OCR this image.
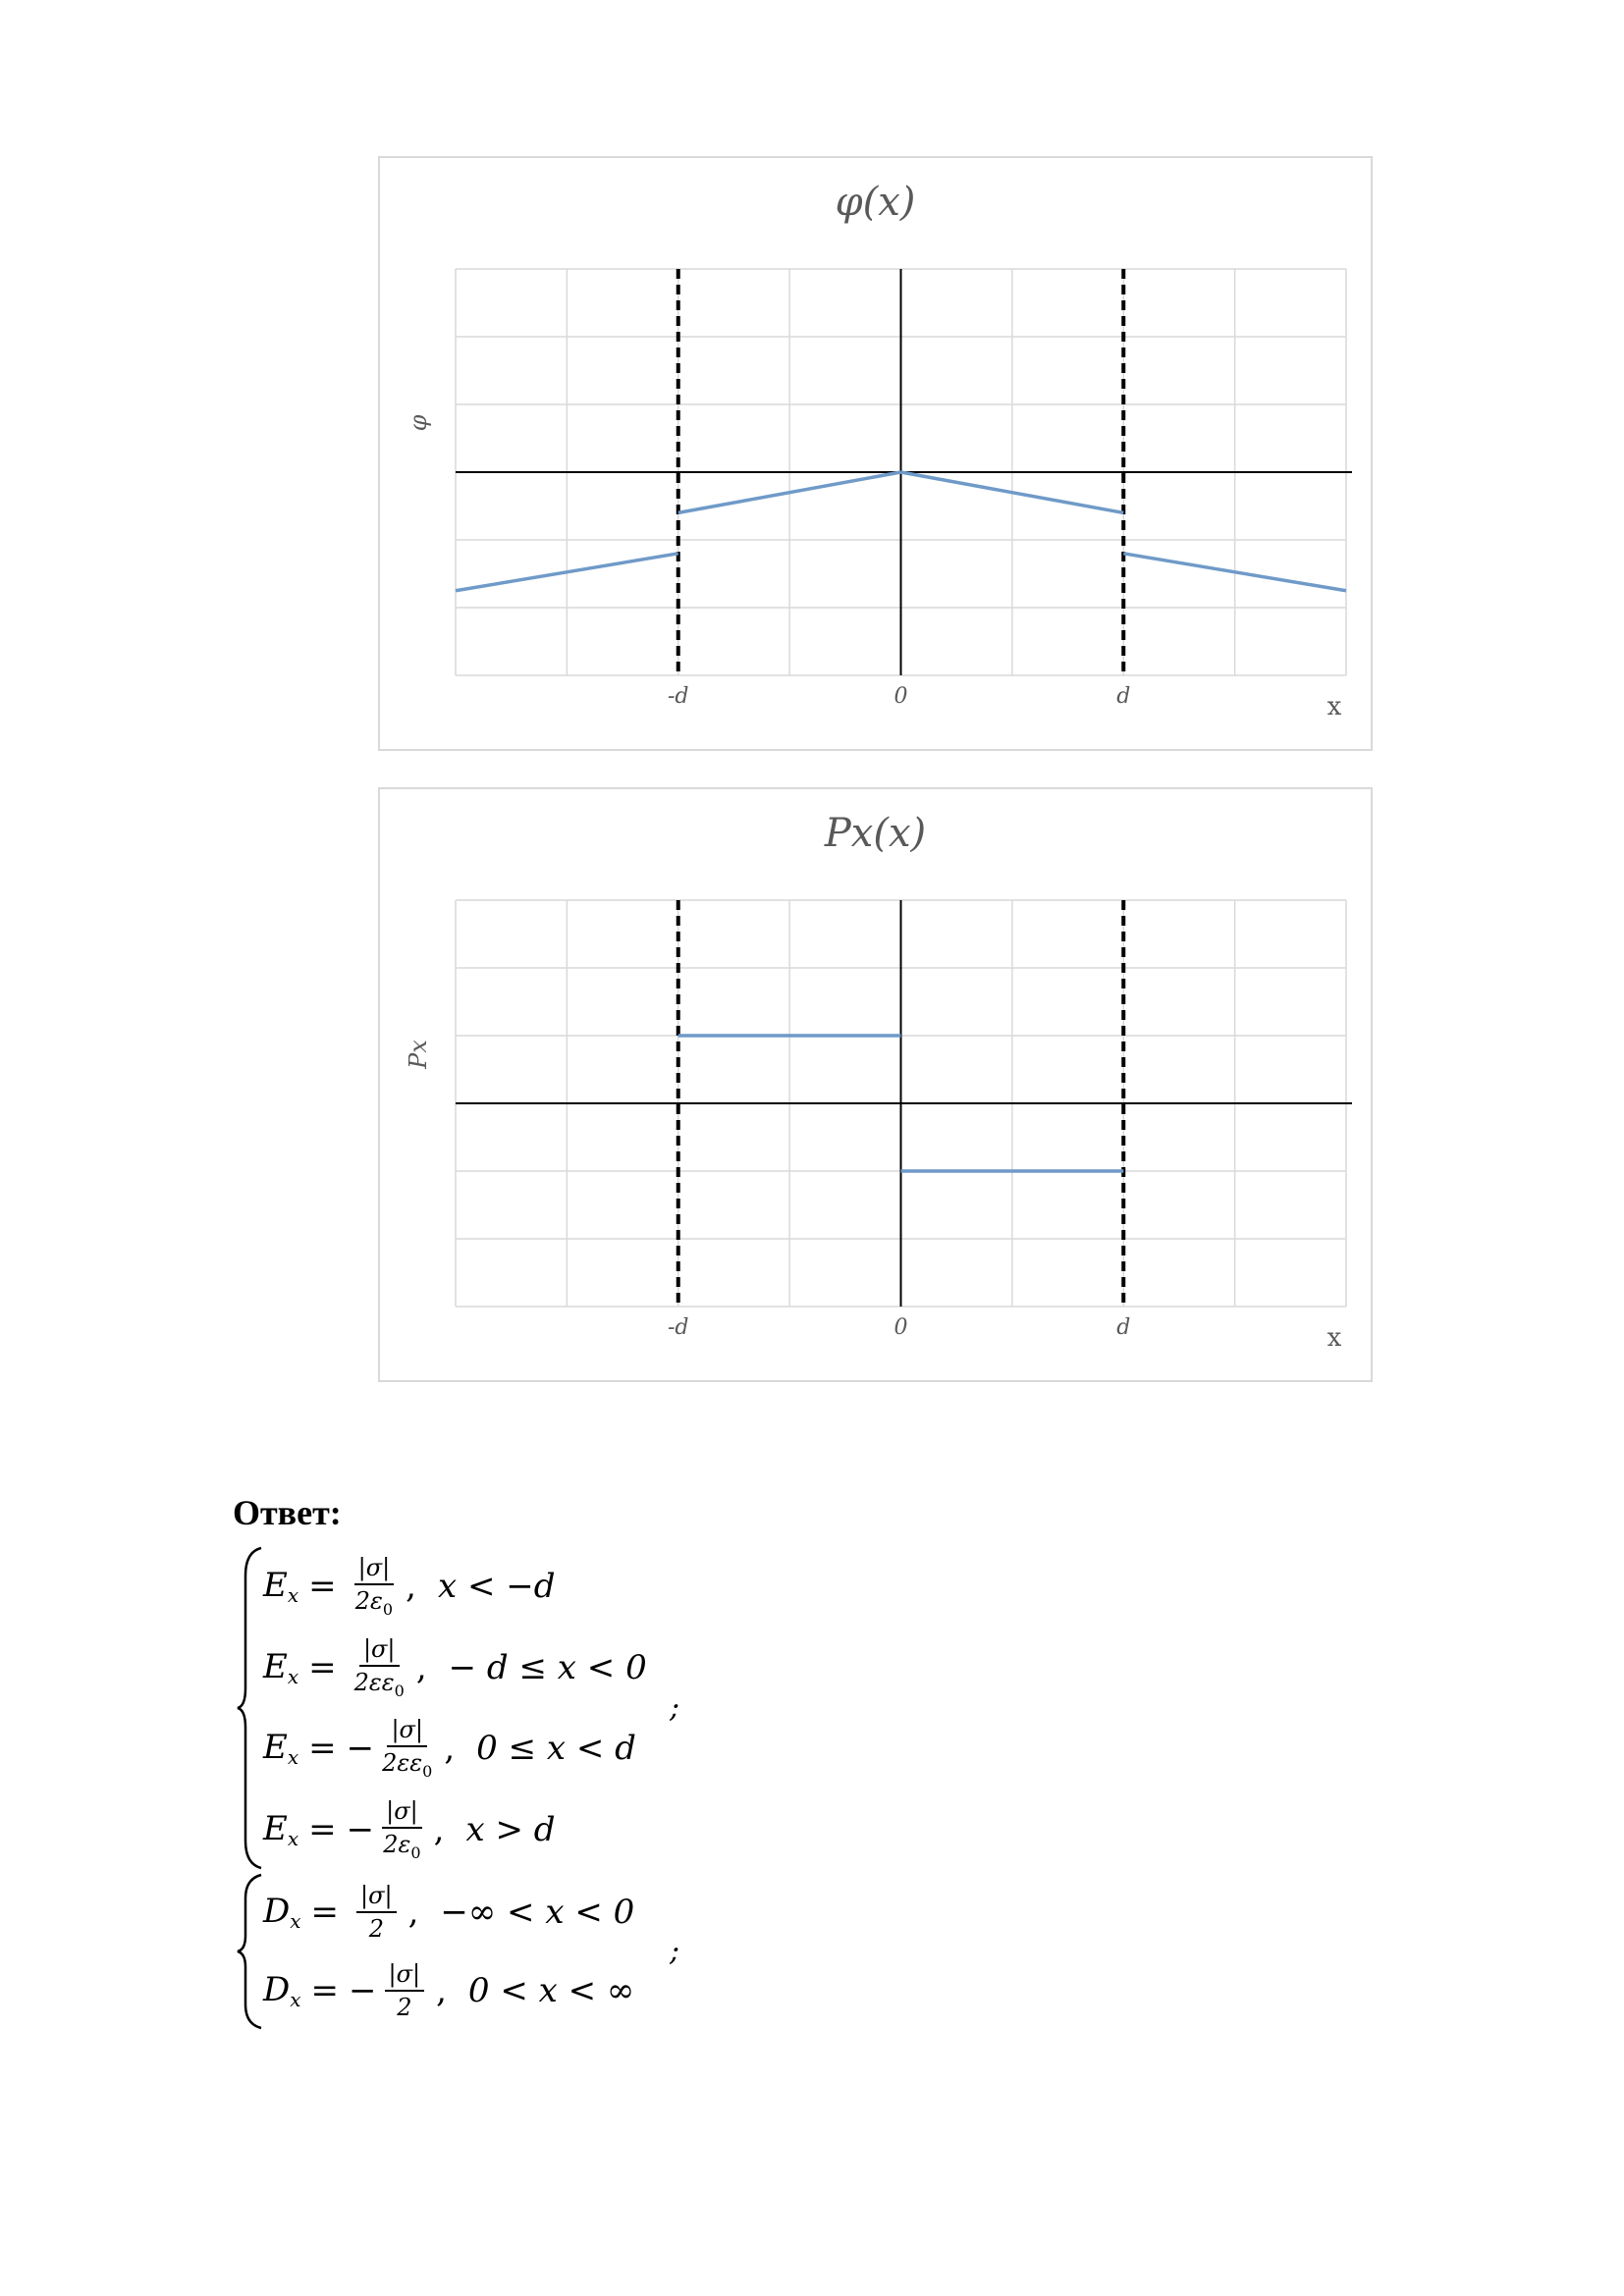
φ(x)
φ
x
-d	0	d
Px(x)
Px
x
-d	0	d
Ответ:
$E_x = \frac{|\sigma|}{2\varepsilon_0}$ , x < −d
$E_x = \frac{|\sigma|}{2\varepsilon\varepsilon_0}$ , − d ≤ x < 0
$E_x$ = − $\frac{|\sigma|}{2\varepsilon\varepsilon_0}$ , 0 ≤ x < d
$E_x$ = − $\frac{|\sigma|}{2\varepsilon_0}$ , x > d
;
$D_x = \frac{|\sigma|}{2}$ , −∞ < x < 0
$D_x$ = − $\frac{|\sigma|}{2}$ , 0 < x < ∞
;
